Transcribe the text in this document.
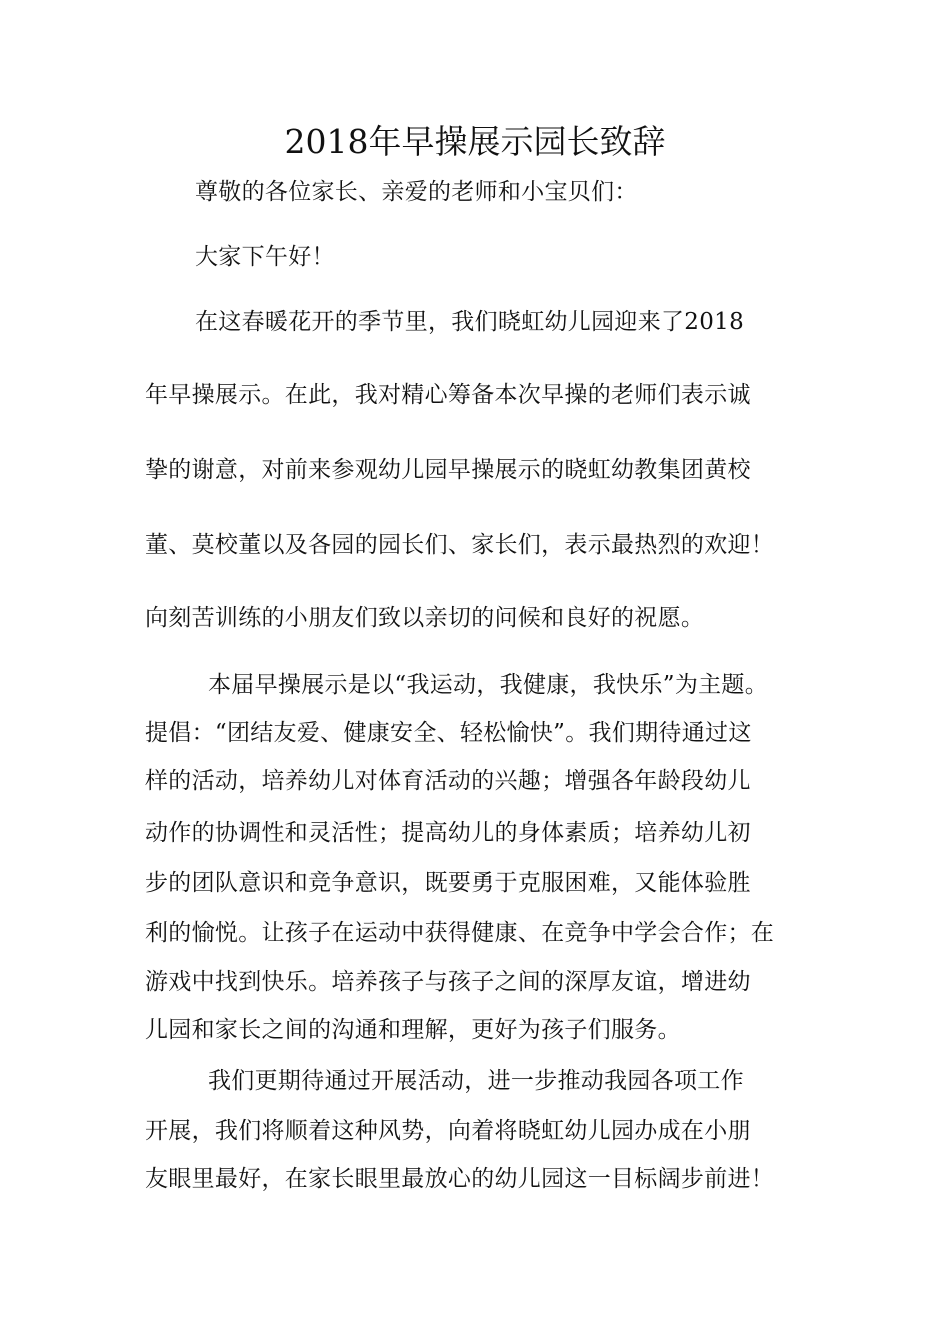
2018年早操展示园长致辞
尊敬的各位家长、亲爱的老师和小宝贝们：
大家下午好！
在这春暖花开的季节里，我们晓虹幼儿园迎来了2018
年早操展示。在此，我对精心筹备本次早操的老师们表示诚
挚的谢意，对前来参观幼儿园早操展示的晓虹幼教集团黄校
董、莫校董以及各园的园长们、家长们，表示最热烈的欢迎！
向刻苦训练的小朋友们致以亲切的问候和良好的祝愿。
本届早操展示是以“我运动，我健康，我快乐”为主题。
提倡：“团结友爱、健康安全、轻松愉快”。我们期待通过这
样的活动，培养幼儿对体育活动的兴趣；增强各年龄段幼儿
动作的协调性和灵活性；提高幼儿的身体素质；培养幼儿初
步的团队意识和竞争意识，既要勇于克服困难，又能体验胜
利的愉悦。让孩子在运动中获得健康、在竞争中学会合作；在
游戏中找到快乐。培养孩子与孩子之间的深厚友谊，增进幼
儿园和家长之间的沟通和理解，更好为孩子们服务。
我们更期待通过开展活动，进一步推动我园各项工作
开展，我们将顺着这种风势，向着将晓虹幼儿园办成在小朋
友眼里最好，在家长眼里最放心的幼儿园这一目标阔步前进！
